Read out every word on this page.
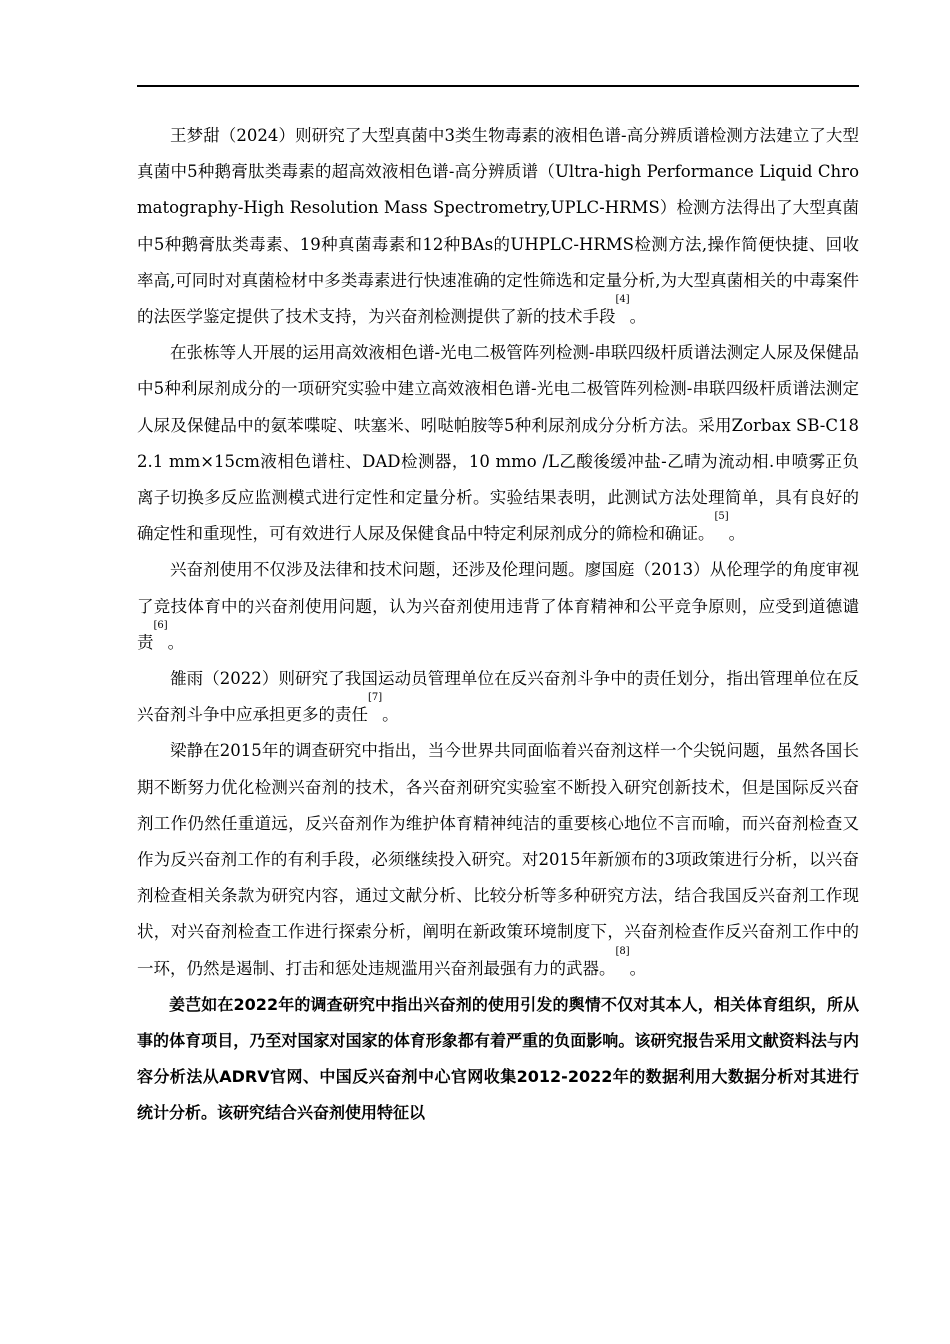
王梦甜（2024）则研究了大型真菌中3类生物毒素的液相色谱-高分辨质谱检测方法建立了大型真菌中5种鹅膏肽类毒素的超高效液相色谱-高分辨质谱（Ultra-high Performance Liquid Chromatography-High Resolution Mass Spectrometry,UPLC-HRMS）检测方法得出了大型真菌中5种鹅膏肽类毒素、19种真菌毒素和12种BAs的UHPLC-HRMS检测方法,操作简便快捷、回收率高,可同时对真菌检材中多类毒素进行快速准确的定性筛选和定量分析,为大型真菌相关的中毒案件的法医学鉴定提供了技术支持，为兴奋剂检测提供了新的技术手段[4]。

在张栋等人开展的运用高效液相色谱-光电二极管阵列检测-串联四级杆质谱法测定人尿及保健品中5种利尿剂成分的一项研究实验中建立高效液相色谱-光电二极管阵列检测-串联四级杆质谱法测定人尿及保健品中的氨苯喋啶、呋塞米、吲哒帕胺等5种利尿剂成分分析方法。采用Zorbax SB-C182.1 mm×15cm液相色谱柱、DAD检测器，10 mmo /L乙酸後缓冲盐-乙晴为流动相.申喷雾正负离子切换多反应监测模式进行定性和定量分析。实验结果表明，此测试方法处理简单，具有良好的确定性和重现性，可有效进行人尿及保健食品中特定利尿剂成分的筛检和确证。[5]。

兴奋剂使用不仅涉及法律和技术问题，还涉及伦理问题。廖国庭（2013）从伦理学的角度审视了竞技体育中的兴奋剂使用问题，认为兴奋剂使用违背了体育精神和公平竞争原则，应受到道德谴责[6]。

雒雨（2022）则研究了我国运动员管理单位在反兴奋剂斗争中的责任划分，指出管理单位在反兴奋剂斗争中应承担更多的责任[7]。

梁静在2015年的调查研究中指出，当今世界共同面临着兴奋剂这样一个尖锐问题，虽然各国长期不断努力优化检测兴奋剂的技术，各兴奋剂研究实验室不断投入研究创新技术，但是国际反兴奋剂工作仍然任重道远，反兴奋剂作为维护体育精神纯洁的重要核心地位不言而喻，而兴奋剂检查又作为反兴奋剂工作的有利手段，必须继续投入研究。对2015年新颁布的3项政策进行分析，以兴奋剂检查相关条款为研究内容，通过文献分析、比较分析等多种研究方法，结合我国反兴奋剂工作现状，对兴奋剂检查工作进行探索分析，阐明在新政策环境制度下，兴奋剂检查作反兴奋剂工作中的一环，仍然是遏制、打击和惩处违规滥用兴奋剂最强有力的武器。[8]。

姜芑如在2022年的调查研究中指出兴奋剂的使用引发的舆情不仅对其本人，相关体育组织，所从事的体育项目，乃至对国家对国家的体育形象都有着严重的负面影响。该研究报告采用文献资料法与内容分析法从ADRV官网、中国反兴奋剂中心官网收集2012-2022年的数据利用大数据分析对其进行统计分析。该研究结合兴奋剂使用特征以
